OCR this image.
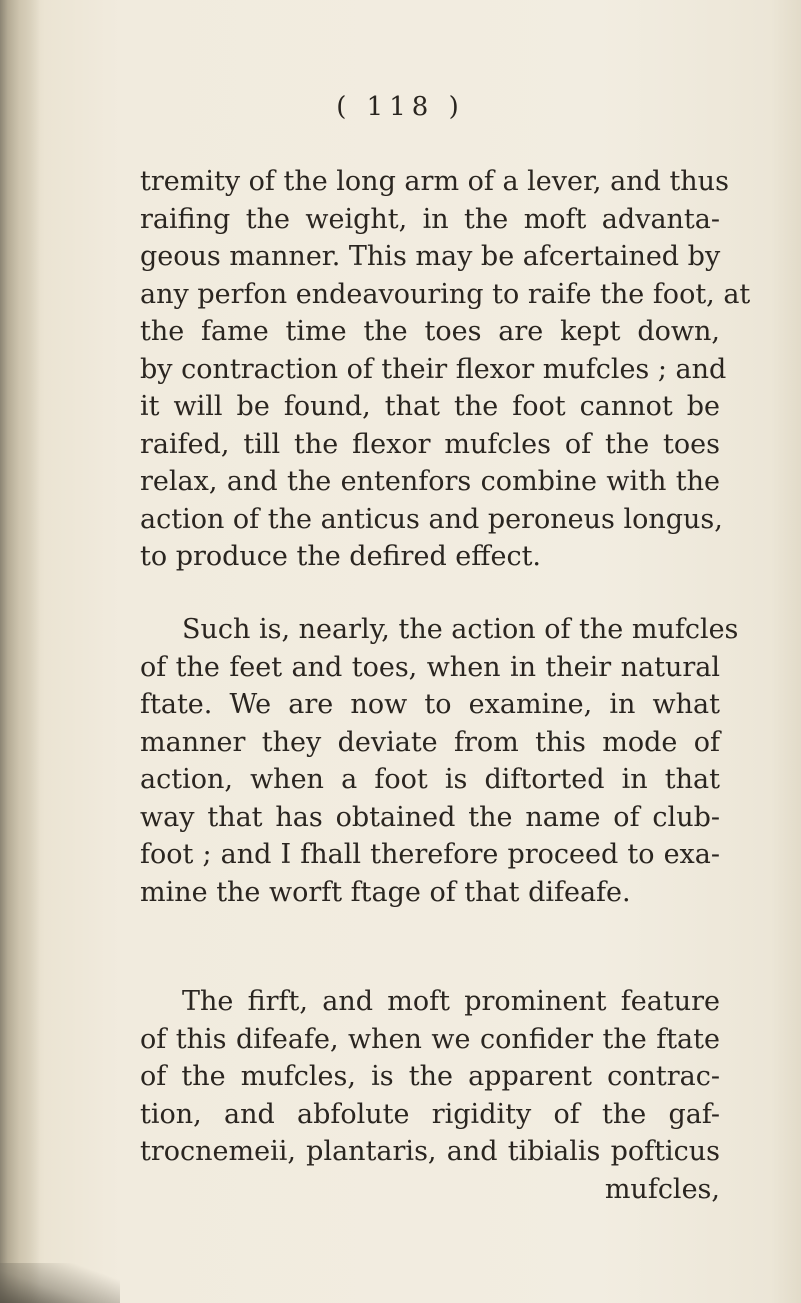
( 118 )
tremity of the long arm of a lever, and thus
raifing the weight, in the moft advanta-
geous manner. This may be afcertained by
any perfon endeavouring to raife the foot, at
the fame time the toes are kept down,
by contraction of their flexor mufcles ; and
it will be found, that the foot cannot be
raifed, till the flexor mufcles of the toes
relax, and the entenfors combine with the
action of the anticus and peroneus longus,
to produce the defired effect.
Such is, nearly, the action of the mufcles
of the feet and toes, when in their natural
ftate. We are now to examine, in what
manner they deviate from this mode of
action, when a foot is diftorted in that
way that has obtained the name of club-
foot ; and I fhall therefore proceed to exa-
mine the worft ftage of that difeafe.
The firft, and moft prominent feature
of this difeafe, when we confider the ftate
of the mufcles, is the apparent contrac-
tion, and abfolute rigidity of the gaf-
trocnemeii, plantaris, and tibialis pofticus
mufcles,
